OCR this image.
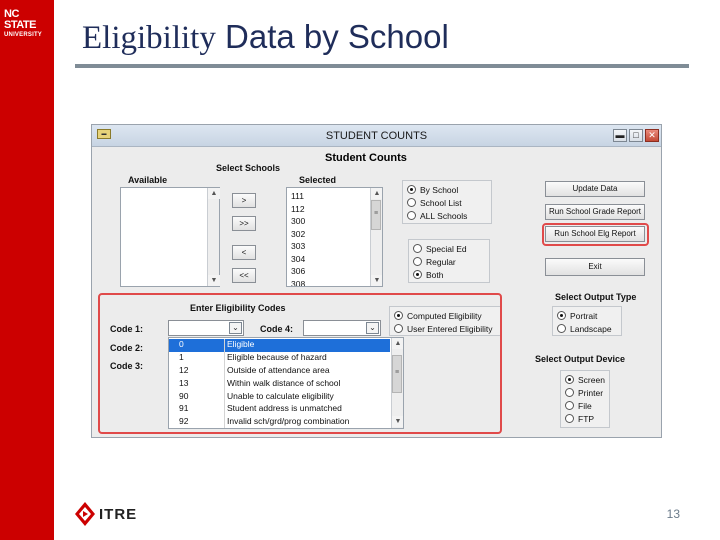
NC STATE
UNIVERSITY	Eligibility Data by School
ITRE	13
▬	STUDENT COUNTS	▬ □	✕
Student Counts
Select Schools
Available	Selected
▲
▼
>
>>
<
<<
111
112
300
302
303
304
306
308
▲
≡
▼
By School
School List
ALL Schools
Special Ed
Regular
Both
Update Data
Run School Grade Report
Run School Elg Report
Exit
Enter Eligibility Codes
Code 1:
Code 2:
Code 3:
Code 4:
⌄	⌄
0	Eligible
1	Eligible because of hazard
12	Outside of attendance area
13	Within walk distance of school
90	Unable to calculate eligibility
91	Student address is unmatched
92	Invalid sch/grd/prog combination
▲
≡
▼
Computed Eligibility
User Entered Eligibility
Select Output Type
Portrait
Landscape
Select Output Device
Screen
Printer
File
FTP
